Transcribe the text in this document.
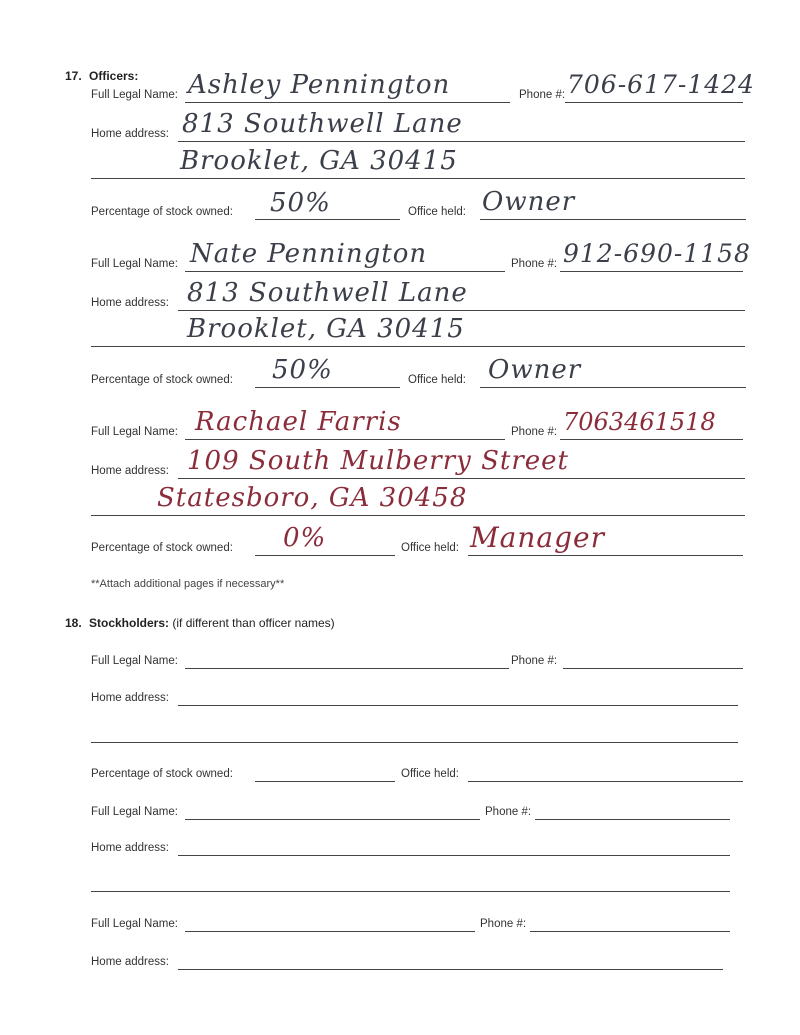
17. Officers:
Full Legal Name: Ashley Pennington	Phone #: 706-617-1424
Home address: 813 Southwell Lane
Brooklet, GA 30415
Percentage of stock owned: 50%	Office held: Owner
Full Legal Name: Nate Pennington	Phone #: 912-690-1158
Home address: 813 Southwell Lane
Brooklet, GA 30415
Percentage of stock owned: 50%	Office held: Owner
Full Legal Name: Rachael Farris	Phone #: 7063461518
Home address: 109 South Mulberry Street
Statesboro, GA 30458
Percentage of stock owned: 0%	Office held: Manager
**Attach additional pages if necessary**
18. Stockholders: (if different than officer names)
Full Legal Name:	Phone #:
Home address:
Percentage of stock owned:	Office held:
Full Legal Name:	Phone #:
Home address:
Full Legal Name:	Phone #:
Home address:
